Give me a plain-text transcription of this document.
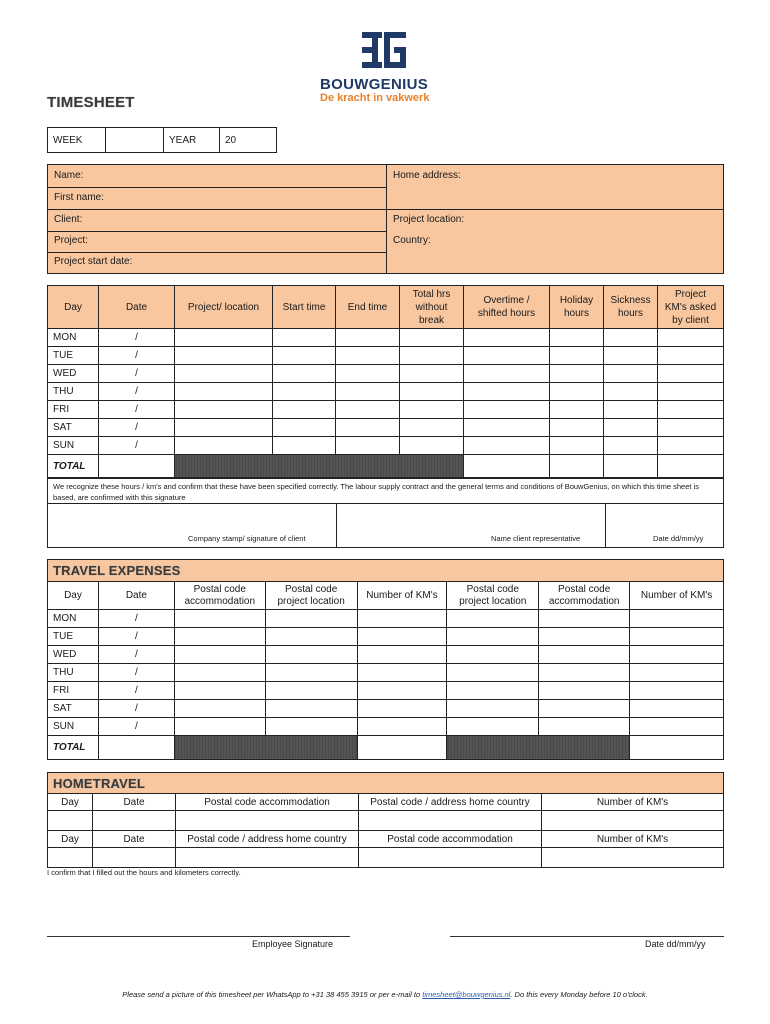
BOUWGENIUS
De kracht in vakwerk
TIMESHEET
WEEK		YEAR	20
Name:
First name:
Client:
Project:
Project start date:
Home address:
Project location:
Country:
Day	Date	Project/ location	Start time	End time	Total hrs without break	Overtime / shifted hours	Holiday hours	Sickness hours	Project KM's asked by client
MON	/								
TUE	/								
WED	/								
THU	/								
FRI	/								
SAT	/								
SUN	/								
TOTAL									
We recognize these hours / km's and confirm that these have been specified correctly. The labour supply contract and the general terms and conditions of BouwGenius, on which this time sheet is based, are confirmed with this signature
Company stamp/ signature of client	Name client representative	Date dd/mm/yy
TRAVEL EXPENSES							
Day	Date	Postal code accommodation	Postal code project location	Number of KM's	Postal code project location	Postal code accommodation	Number of KM's
MON	/						
TUE	/						
WED	/						
THU	/						
FRI	/						
SAT	/						
SUN	/						
TOTAL							
HOMETRAVEL				
Day	Date	Postal code accommodation	Postal code / address home country	Number of KM's

Day	Date	Postal code / address home country	Postal code accommodation	Number of KM's

I confirm that I filled out the hours and kilometers correctly.
Employee Signature	Date dd/mm/yy
Please send a picture of this timesheet per WhatsApp to +31 38 455 3915 or per e-mail to timesheet@bouwgenius.nl. Do this every Monday before 10 o'clock.
